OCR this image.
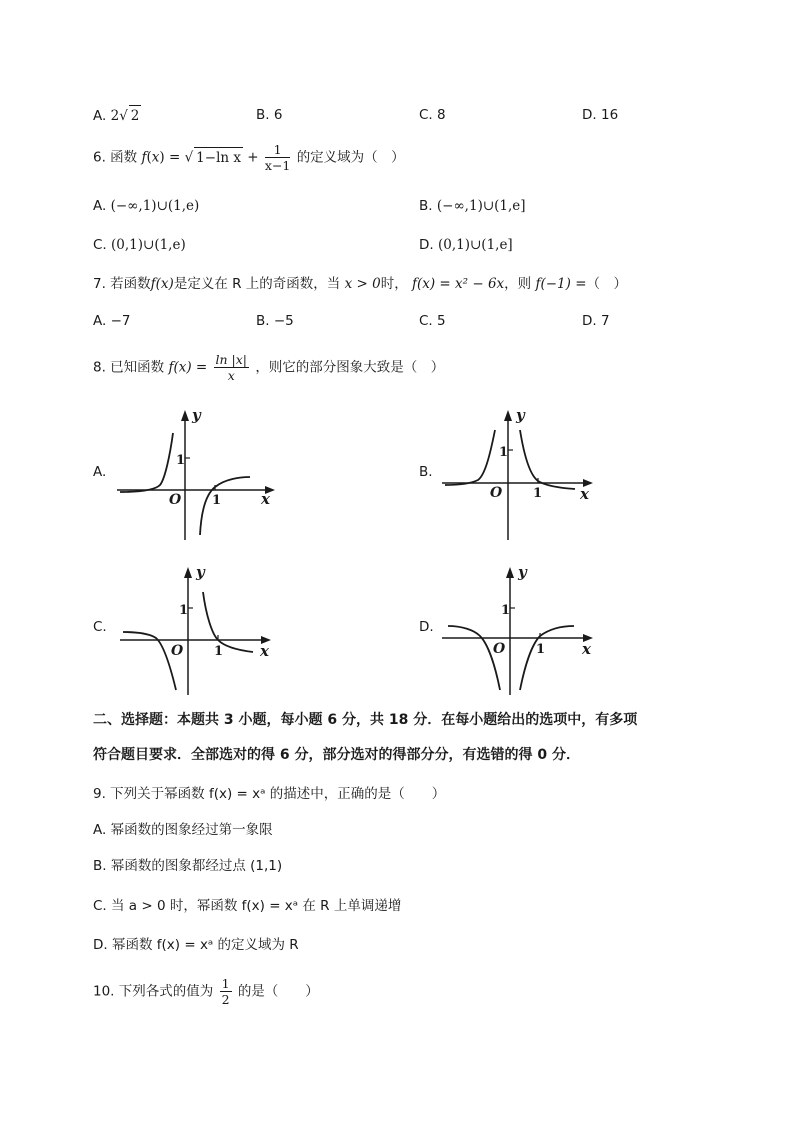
A. 2√ 2	B. 6	C. 8	D. 16
6. 函数 f(x) = √ 1−ln $x + \frac{1}{x-1}$ 的定义域为（　）
A. (−∞,1)∪(1,e)	B. (−∞,1)∪(1,e]
C. (0,1)∪(1,e)	D. (0,1)∪(1,e]
7. 若函数f(x)是定义在 R 上的奇函数，当 x > 0时， f(x) = x² − 6x，则 f(−1) =（　）
A. −7	B. −5	C. 5	D. 7
8. 已知函数 $f(x) = \frac{\ln |x|}{x}$ ，则它的部分图象大致是（　）
A.	B.
C.	D.
y
x
O
1
1
y
x
O
1
1
y
x
O
1
1
y
x
O
1
1
二、选择题：本题共 3 小题，每小题 6 分，共 18 分．在每小题给出的选项中，有多项
符合题目要求．全部选对的得 6 分，部分选对的得部分分，有选错的得 0 分．
9. 下列关于幂函数 f(x) = xᵃ 的描述中，正确的是（　　）
A. 幂函数的图象经过第一象限
B. 幂函数的图象都经过点 (1,1)
C. 当 a > 0 时，幂函数 f(x) = xᵃ 在 R 上单调递增
D. 幂函数 f(x) = xᵃ 的定义域为 R
10. 下列各式的值为 $\frac{1}{2}$ 的是（　　）
